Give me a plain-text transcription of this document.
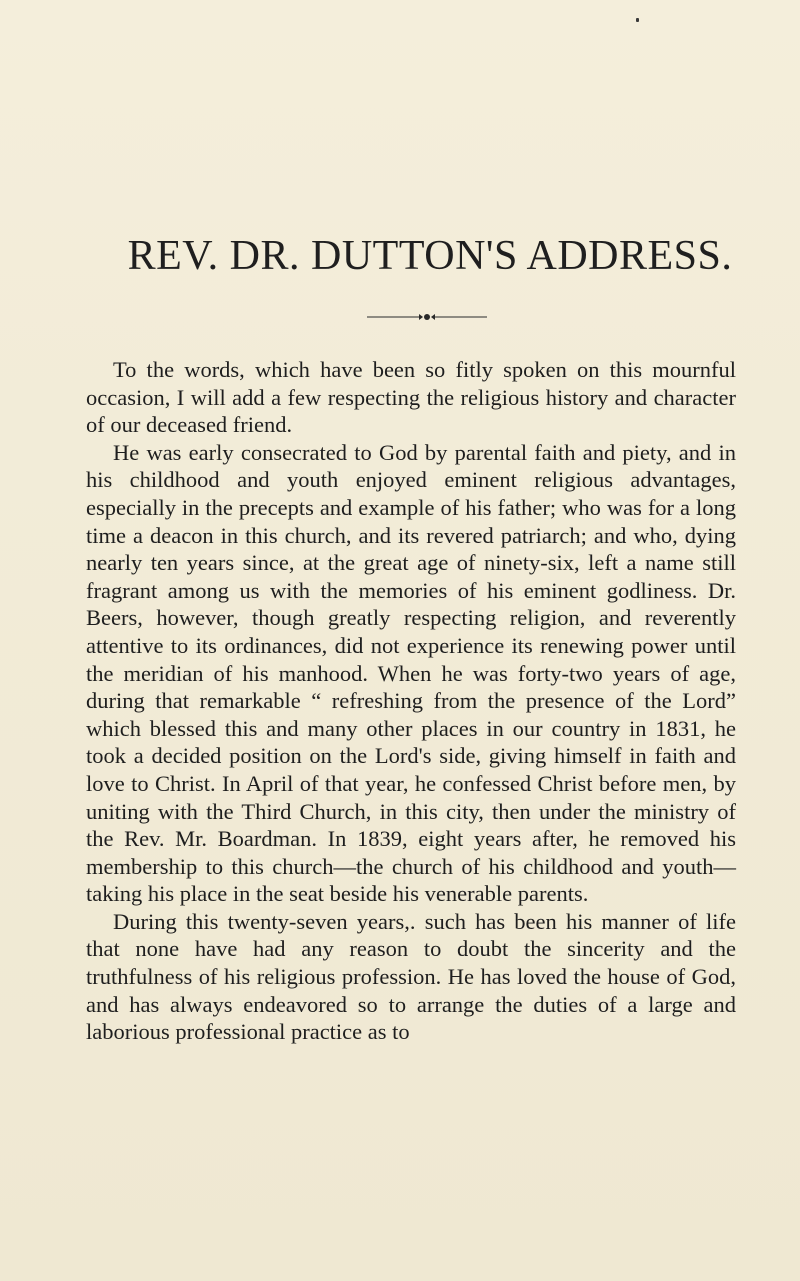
REV. DR. DUTTON'S ADDRESS.

To the words, which have been so fitly spoken on this mournful occasion, I will add a few respecting the religious history and character of our deceased friend.

He was early consecrated to God by parental faith and piety, and in his childhood and youth enjoyed eminent religious advantages, especially in the precepts and example of his father; who was for a long time a deacon in this church, and its revered patriarch; and who, dying nearly ten years since, at the great age of ninety-six, left a name still fragrant among us with the memories of his eminent godliness. Dr. Beers, however, though greatly respecting religion, and reverently attentive to its ordinances, did not experience its renewing power until the meridian of his manhood. When he was forty-two years of age, during that remarkable “ refreshing from the presence of the Lord” which blessed this and many other places in our country in 1831, he took a decided position on the Lord's side, giving himself in faith and love to Christ. In April of that year, he confessed Christ before men, by uniting with the Third Church, in this city, then under the ministry of the Rev. Mr. Boardman. In 1839, eight years after, he removed his membership to this church—the church of his childhood and youth—taking his place in the seat beside his venerable parents.

During this twenty-seven years,. such has been his manner of life that none have had any reason to doubt the sincerity and the truthfulness of his religious profession. He has loved the house of God, and has always endeavored so to arrange the duties of a large and laborious professional practice as to
